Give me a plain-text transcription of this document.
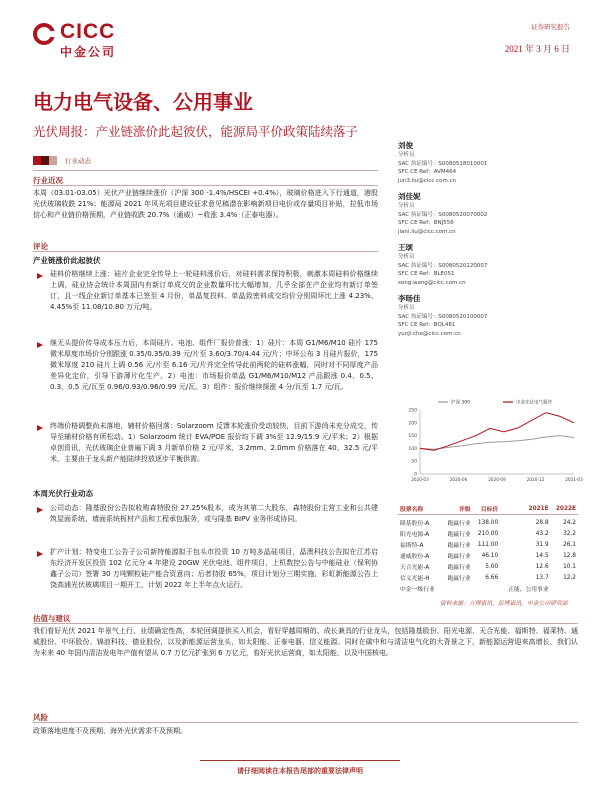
CICC
中金公司
证券研究报告
2021 年 3 月 6 日
电力电气设备、公用事业
光伏周报：产业链涨价此起彼伏，能源局平价政策陆续落子
行业动态
行业近况
本周（03.01-03.05）光伏产业链继续涨价（沪深 300 -1.4%/HSCEI +0.4%），玻璃价格进入下行通道，港股光伏玻璃收跌 21%；能源局 2021 年风光项目建设征求意见稿潜在影响新项目电价或存量项目补贴，拉低市场信心和产业链价格预期，产业链收跌 20.7%（通威）~收涨 3.4%（正泰电器）。
评论
产业链涨价此起彼伏
硅料价格继续上涨：硅片企业完全传导上一轮硅料涨价后，对硅料需求保持积极，刺激本周硅料价格继续上调，硅业协会统计本周国内有新订单成交的企业数量环比大幅增加，几乎全部在产企业均有新订单签订，且一线企业新订单基本已签至 4 月份，单晶复投料、单晶致密料成交均价分别周环比上涨 4.23%、4.45%至 11.08/10.80 万元/吨。
继无头提价传导成本压力后，本周硅片、电池、组件厂报价普涨：1）硅片：本周 G1/M6/M10 硅片 175 微米厚度市场价分别跟涨 0.35/0.35/0.39 元/片至 3.60/3.70/4.44 元/片；中环公布 3 月硅片报价，175 微米厚度 210 硅片上调 0.56 元/片至 6.16 元/片并完全传导此前两轮的硅料涨幅，同时对不同厚度产品差异化定价，引导下游薄片化生产。2）电池：市场报价单晶 G1/M6/M10/M12 产品跟涨 0.4、0.5、0.3、0.5 元/瓦至 0.96/0.93/0.96/0.99 元/瓦。3）组件：报价继续探涨 4 分/瓦至 1.7 元/瓦。
终端价格调整尚未落地，辅材价格回落：Solarzoom 反馈本轮涨价受动较快，目前下游尚未充分成交，传导至辅材价格有所松动。1）Solarzoom 统计 EVA/POE 报价均下调 3%至 12.9/15.9 元/平米；2）根据卓创资讯，光伏玻璃企业普遍下调 3 月新单价格 2 元/平米，3.2mm、2.0mm 价格落在 40、32.5 元/平米，主要由于龙头新产能陆续投放逐步平衡供需。
本周光伏行业动态
公司动态：隆基股份公告拟收购森特股份 27.25%股本，成为其第二大股东，森特股份主营工业和公共建筑屋面系统、墙面系统板材产品和工程承包服务，或与隆基 BIPV 业务形成协同。
扩产计划：特变电工公告子公司新特能源拟于包头市投资 10 万吨多晶硅项目，晶澳科技公告拟在江苏启东经济开发区投资 102 亿元分 4 年建设 20GW 光伏电池、组件项目，上机数控公告与中能硅业（保利协鑫子公司）签署 30 万吨颗粒硅产能合资意向；后者持股 65%，项目计划分三期实施，彩虹新能源公告上饶高浦光伏玻璃项目一期开工，计划 2022 年上半年点火运行。
估值与建议
我们看好光伏 2021 年景气上行，业绩确定性高，本轮回调提供买入机会，看好穿越周期的、成长兼具的行业龙头，包括隆基股份、阳光电源、天合光能、福斯特、福莱特、通威股份、中环股份、锦浪科技、德业股份，以及新能源运营龙头，如太阳能、正泰电器、信义能源。同时在碳中和与清洁电气化的大背景之下，新能源运营迎来高增长，我们认为未来 40 年国内清洁发电年产值有望从 0.7 万亿元扩张到 6 万亿元，看好光伏运营商，如太阳能、以及中国核电。
风险
政策落地进度不及预期，海外光伏需求不及预期。
刘俊
分析员
SAC 执证编号：S0080518010001
SFC CE Ref：AVM464
jun3.liu@cicc.com.cn
刘佳妮
分析员
SAC 执证编号：S0080520070002
SFC CE Ref：BNJ556
jiani.liu@cicc.com.cn
王颂
分析员
SAC 执证编号：S0080520120007
SFC CE Ref：BLE051
song.wang@cicc.com.cn
李旸佳
分析员
SAC 执证编号：S0080520100007
SFC CE Ref：BQL481
yunji.che@cicc.com.cn
0
50
100
150
200
250
2020-03	2020-06	2020-09	2020-12	2021-03
沪深 300	中金光伏电气板块
股票名称	评级	目标价	2021E	2022E
隆基股份-A	跑赢行业	138.00	28.8	24.2
阳光电源-A	跑赢行业	210.00	43.2	32.2
福斯特-A	跑赢行业	111.00	31.9	26.1
通威股份-A	跑赢行业	46.10	14.5	12.8
天合光能-A	跑赢行业	5.00	12.6	10.1
信义光能-H	跑赢行业	6.66	13.7	12.2
中金一级行业			正能、公用事业	
资料来源：万得资讯，彭博资讯，中金公司研究部
请仔细阅读在本报告尾部的重要法律声明
